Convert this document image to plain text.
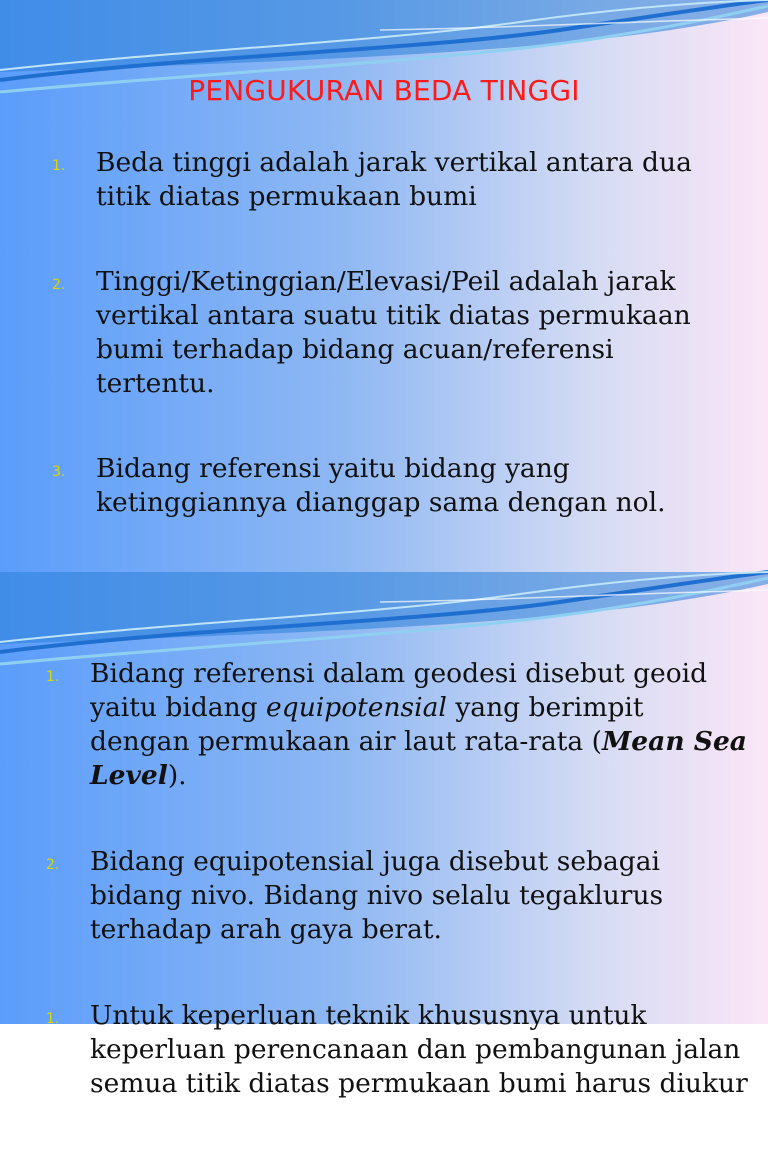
PENGUKURAN BEDA TINGGI
1. Beda tinggi adalah jarak vertikal antara dua titik diatas permukaan bumi
2. Tinggi/Ketinggian/Elevasi/Peil adalah jarak vertikal antara suatu titik diatas permukaan bumi terhadap bidang acuan/referensi tertentu.
3. Bidang referensi yaitu bidang yang ketinggiannya dianggap sama dengan nol.
1. Bidang referensi dalam geodesi disebut geoid yaitu bidang equipotensial yang berimpit dengan permukaan air laut rata-rata (Mean Sea Level).
2. Bidang equipotensial juga disebut sebagai bidang nivo. Bidang nivo selalu tegaklurus terhadap arah gaya berat.
1. Untuk keperluan teknik khususnya untuk keperluan perencanaan dan pembangunan jalan semua titik diatas permukaan bumi harus diukur
